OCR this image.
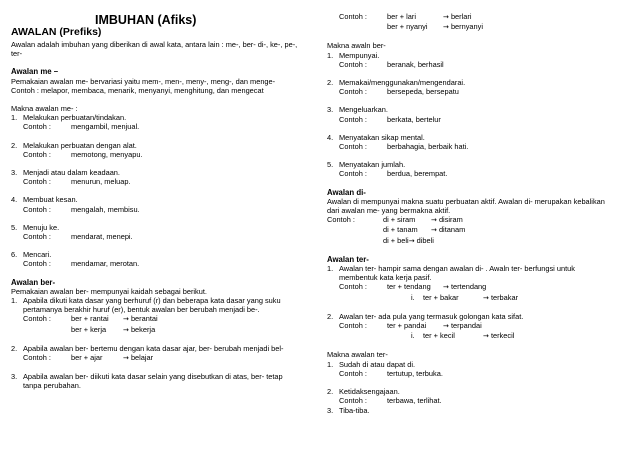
IMBUHAN (Afiks)
AWALAN (Prefiks)
Awalan adalah imbuhan yang diberikan di awal kata, antara lain : me-, ber- di-, ke-, pe-, ter-
Awalan me –
Pemakaian awalan me- bervariasi yaitu mem-, men-, meny-, meng-, dan menge-
Contoh : melapor, membaca, menarik, menyanyi, menghitung, dan mengecat
Makna awalan me- :
1. Melakukan perbuatan/tindakan.
Contoh :	mengambil, menjual.
2. Melakukan perbuatan dengan alat.
Contoh :	memotong, menyapu.
3. Menjadi atau dalam keadaan.
Contoh :	menurun, meluap.
4. Membuat kesan.
Contoh :	mengalah, membisu.
5. Menuju ke.
Contoh :	mendarat, menepi.
6. Mencari.
Contoh :	mendamar, merotan.
Awalan ber-
Pemakaian awalan ber- mempunyai kaidah sebagai berikut.
1. Apabila dikuti kata dasar yang berhuruf (r) dan beberapa kata dasar yang suku
pertamanya berakhir huruf (er), bentuk awalan ber berubah menjadi be-.
Contoh :	ber + rantai → berantai
ber + kerja → bekerja
2. Apabila awalan ber- bertemu dengan kata dasar ajar, ber- berubah menjadi bel-
Contoh :	ber + ajar	→ belajar
3. Apabila awalan ber- diikuti kata dasar selain yang disebutkan di atas, ber- tetap
tanpa perubahan.
Contoh :	ber + lari	→ berlari
ber + nyanyi → bernyanyi
Makna awaln ber-
1. Mempunyai.
Contoh :	beranak, berhasil
2. Memakai/menggunakan/mengendarai.
Contoh :	bersepeda, bersepatu
3. Mengeluarkan.
Contoh :	berkata, bertelur
4. Menyatakan sikap mental.
Contoh :	berbahagia, berbaik hati.
5. Menyatakan jumlah.
Contoh :	berdua, berempat.
Awalan di-
Awalan di mempunyai makna suatu perbuatan aktif. Awalan di- merupakan kebalikan
dari awalan me- yang bermakna aktif.
Contoh :	di + siram → disiram
di + tanam → ditanam
di + beli→ dibeli
Awalan ter-
1. Awalan ter- hampir sama dengan awalan di- . Awaln ter- berfungsi untuk
membentuk kata kerja pasif.
Contoh :	ter + tendang → tertendang
i. ter + bakar	→ terbakar
2. Awalan ter- ada pula yang termasuk golongan kata sifat.
Contoh :	ter + pandai → terpandai
i. ter + kecil	→ terkecil
Makna awalan ter-
1. Sudah di atau dapat di.
Contoh :	tertutup, terbuka.
2. Ketidaksengajaan.
Contoh :	terbawa, terlihat.
3. Tiba-tiba.
